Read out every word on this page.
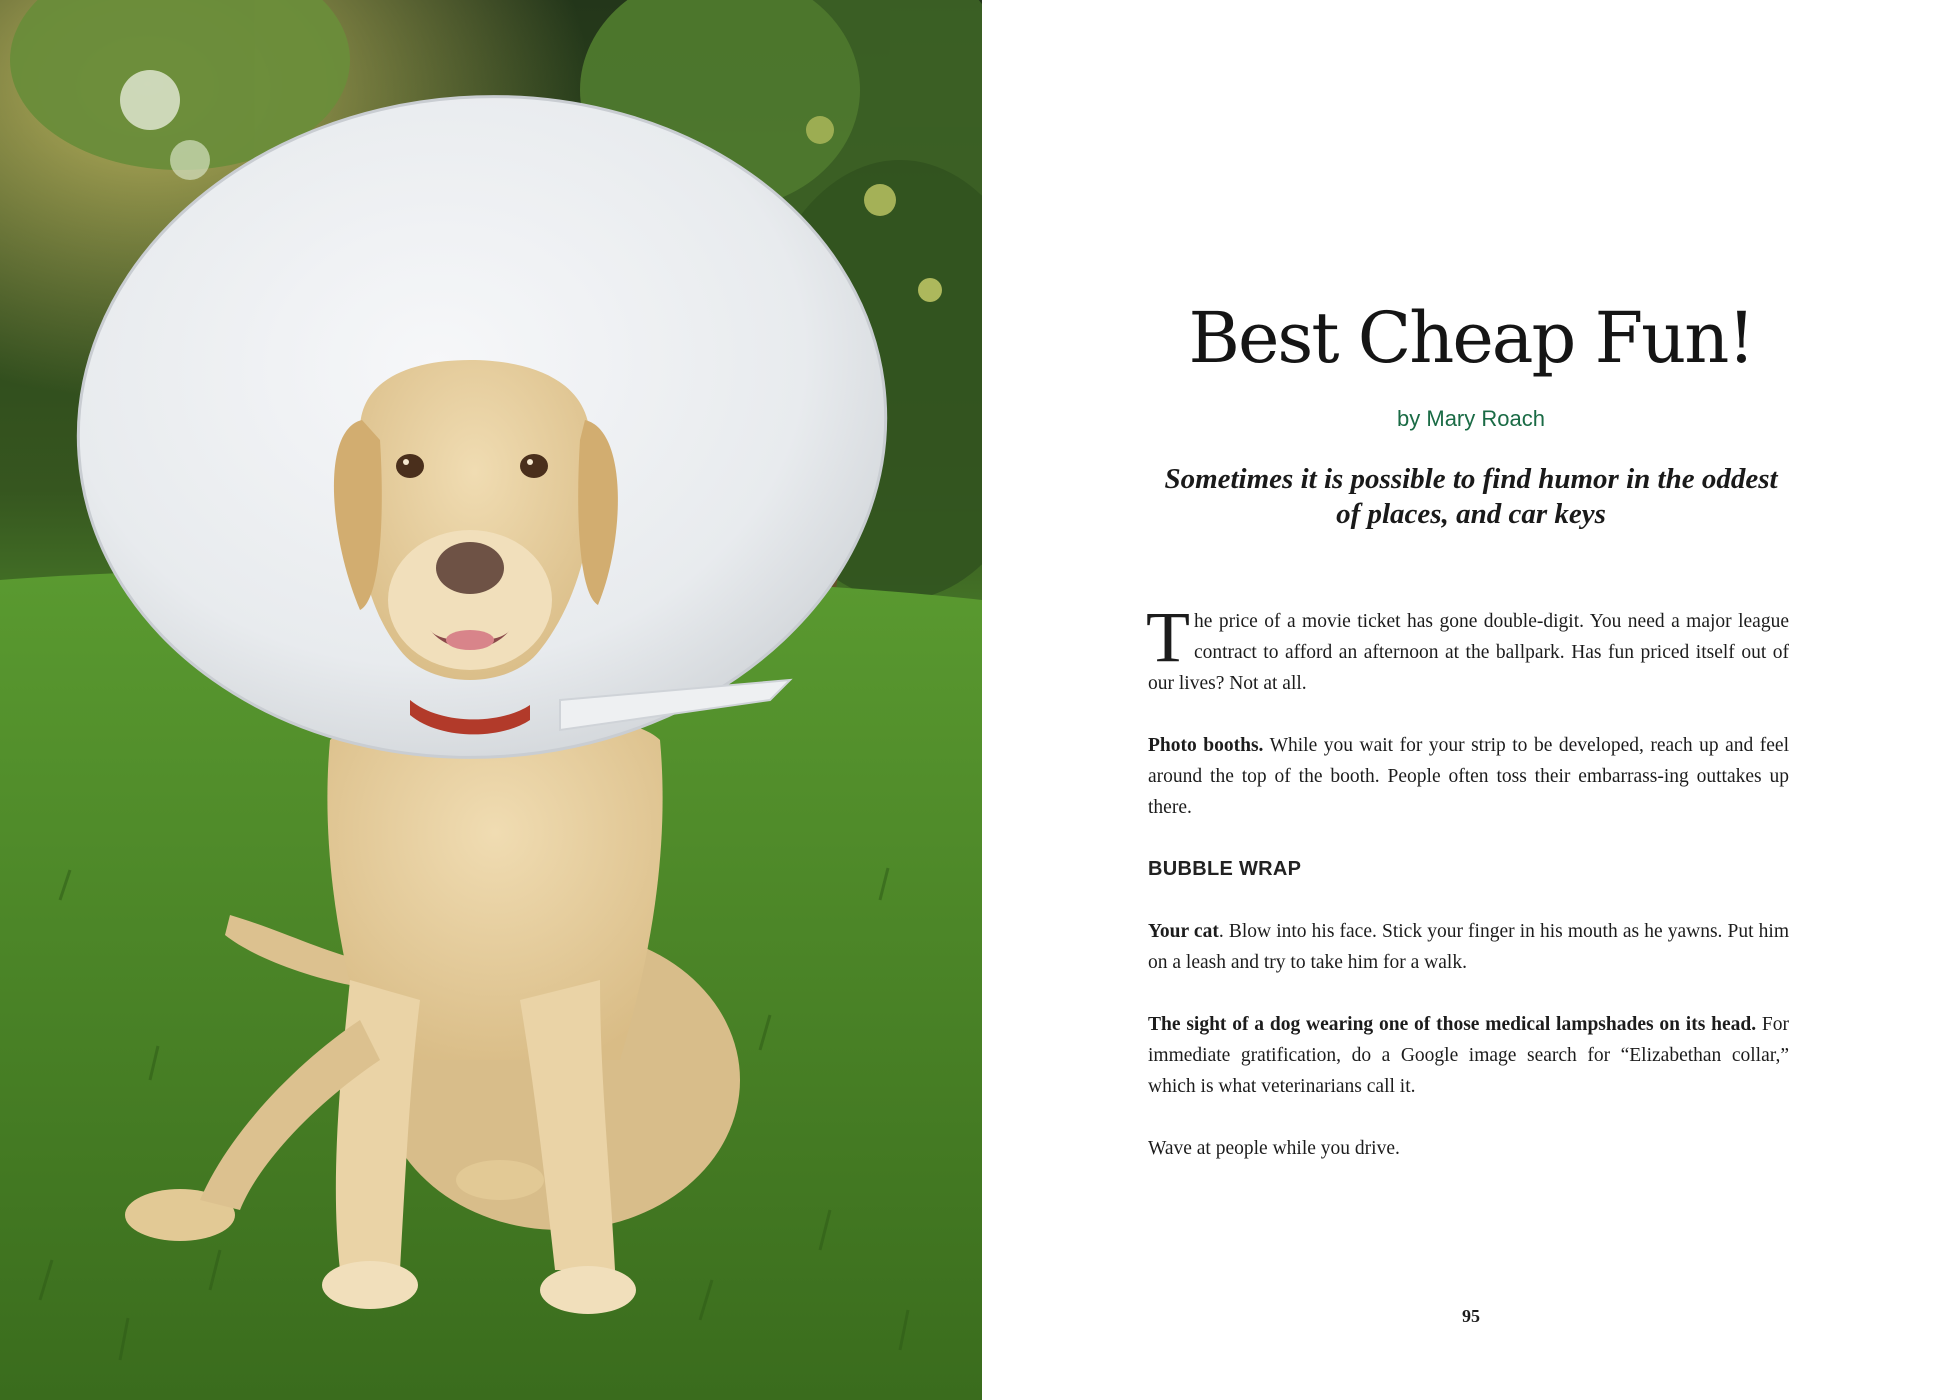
Best Cheap Fun!
by Mary Roach
Sometimes it is possible to find humor in the oddest of places, and car keys

The price of a movie ticket has gone double-digit. You need a major league contract to afford an afternoon at the ballpark. Has fun priced itself out of our lives? Not at all.

Photo booths. While you wait for your strip to be developed, reach up and feel around the top of the booth. People often toss their embarrass-ing outtakes up there.

BUBBLE WRAP

Your cat. Blow into his face. Stick your finger in his mouth as he yawns. Put him on a leash and try to take him for a walk.

The sight of a dog wearing one of those medical lampshades on its head. For immediate gratification, do a Google image search for “Elizabethan collar,” which is what veterinarians call it.

Wave at people while you drive.

95
